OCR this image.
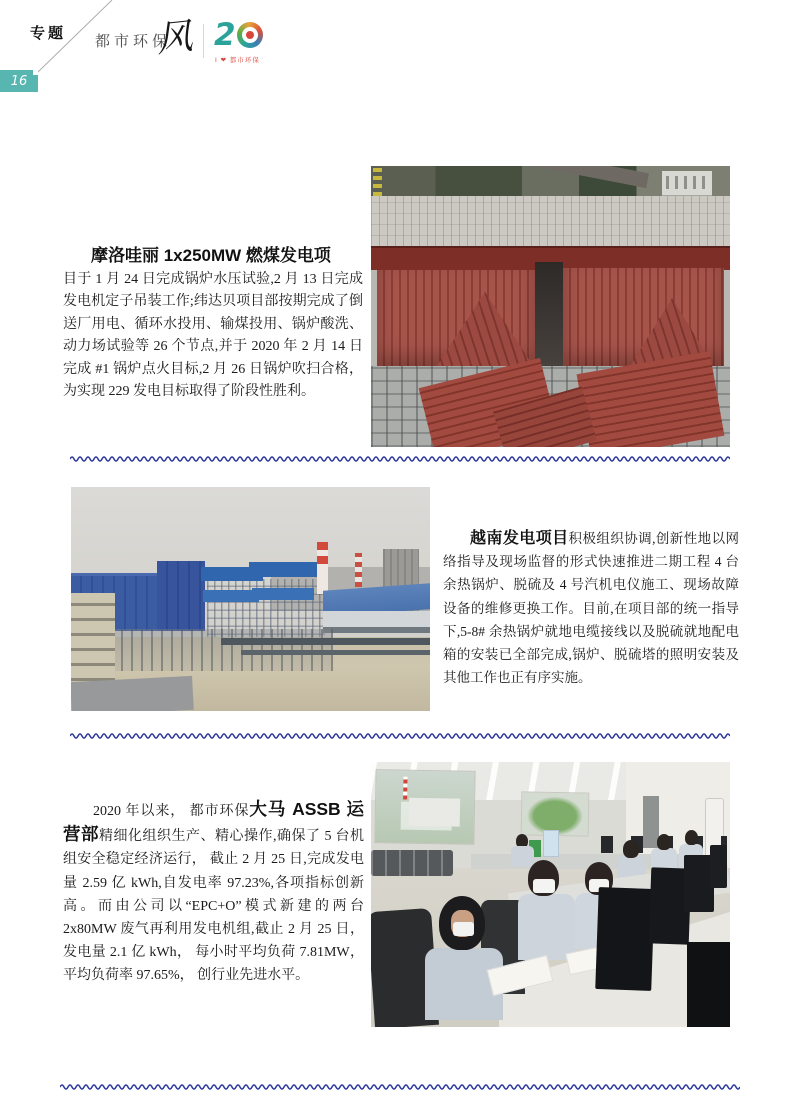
专题
16
都市环保
风 2
I ❤ 都市环保
摩洛哇丽 1x250MW 燃煤发电项
目于 1 月 24 日完成锅炉水压试验,2 月 13 日完成发电机定子吊装工作;纬达贝项目部按期完成了倒送厂用电、循环水投用、输煤投用、锅炉酸洗、动力场试验等 26 个节点,并于 2020 年 2 月 14 日完成 #1 锅炉点火目标,2 月 26 日锅炉吹扫合格，为实现 229 发电目标取得了阶段性胜利。
越南发电项目积极组织协调,创新性地以网络指导及现场监督的形式快速推进二期工程 4 台余热锅炉、脱硫及 4 号汽机电仪施工、现场故障设备的维修更换工作。目前,在项目部的统一指导下,5-8# 余热锅炉就地电缆接线以及脱硫就地配电箱的安装已全部完成,锅炉、脱硫塔的照明安装及其他工作也正有序实施。
2020 年以来， 都市环保大马 ASSB 运营部精细化组织生产、精心操作,确保了 5 台机组安全稳定经济运行， 截止 2 月 25 日,完成发电量 2.59 亿 kWh,自发电率 97.23%,各项指标创新高。而由公司以“EPC+O”模式新建的两台 2x80MW 废气再利用发电机组,截止 2 月 25 日， 发电量 2.1 亿 kWh， 每小时平均负荷 7.81MW， 平均负荷率 97.65%， 创行业先进水平。
